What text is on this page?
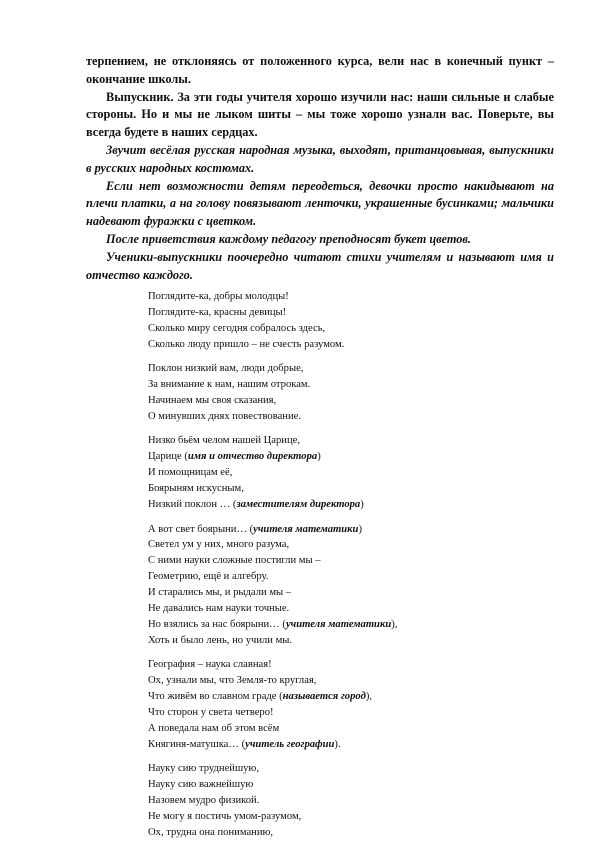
терпением, не отклоняясь от положенного курса, вели нас в конечный пункт – окончание школы.

Выпускник. За эти годы учителя хорошо изучили нас: наши сильные и слабые стороны. Но и мы не лыком шиты – мы тоже хорошо узнали вас. Поверьте, вы всегда будете в наших сердцах.

Звучит весёлая русская народная музыка, выходят, пританцовывая, выпускники в русских народных костюмах.

Если нет возможности детям переодеться, девочки просто накидывают на плечи платки, а на голову повязывают ленточки, украшенные бусинками; мальчики надевают фуражки с цветком.

После приветствия каждому педагогу преподносят букет цветов.

Ученики-выпускники поочередно читают стихи учителям и называют имя и отчество каждого.

Поглядите-ка, добры молодцы!
Поглядите-ка, красны девицы!
Сколько миру сегодня собралось здесь,
Сколько люду пришло – не счесть разумом.
Поклон низкий вам, люди добрые,
За внимание к нам, нашим отрокам.
Начинаем мы своя сказания,
О минувших днях повествование.
Низко бьём челом нашей Царице,
Царице (имя и отчество директора)
И помощницам её,
Боярыням искусным,
Низкий поклон … (заместителям директора)
А вот свет боярыни… (учителя математики)
Светел ум у них, много разума,
С ними науки сложные постигли мы –
Геометрию, ещё и алгебру.
И старались мы, и рыдали мы –
Не давались нам науки точные.
Но взялись за нас боярыни… (учителя математики),
Хоть и было лень, но учили мы.
География – наука славная!
Ох, узнали мы, что Земля-то круглая,
Что живём во славном граде (называется город),
Что сторон у света четверо!
А поведала нам об этом всём
Княгиня-матушка… (учитель географии).
Науку сию труднейшую,
Науку сию важнейшую
Назовем мудро физикой.
Не могу я постичь умом-разумом,
Ох, трудна она пониманию,
